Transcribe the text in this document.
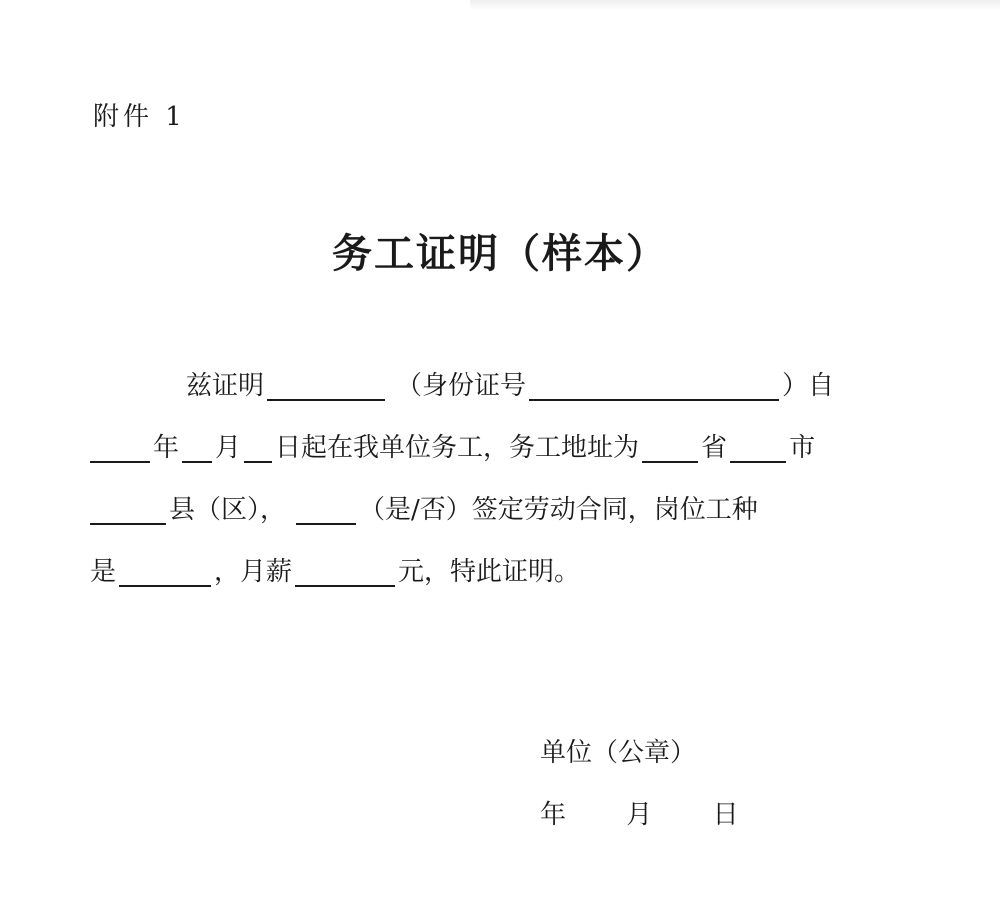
附件 1
务工证明（样本）
兹证明	（身份证号	）自
年 月 日起在我单位务工，务工地址为 省 市
县（区），	（是/否）签定劳动合同，岗位工种
是	，月薪	元，特此证明。
单位（公章）
年 月 日
